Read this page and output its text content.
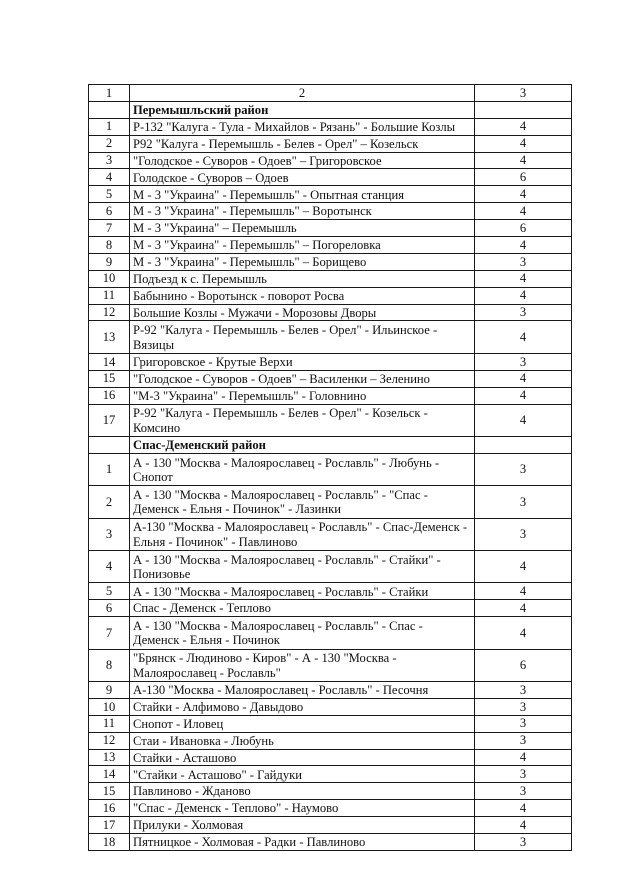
1	2	3
	Перемышльский район	
1	Р-132 "Калуга - Тула - Михайлов - Рязань" - Большие Козлы	4
2	Р92 "Калуга - Перемышль - Белев - Орел" – Козельск	4
3	"Голодское - Суворов - Одоев" – Григоровское	4
4	Голодское - Суворов – Одоев	6
5	М - 3 "Украина" - Перемышль" - Опытная станция	4
6	М - 3 "Украина" - Перемышль" – Воротынск	4
7	М - 3 "Украина" – Перемышль	6
8	М - 3 "Украина" - Перемышль" – Погореловка	4
9	М - 3 "Украина" - Перемышль" – Борищево	3
10	Подъезд к с. Перемышль	4
11	Бабынино - Воротынск - поворот Росва	4
12	Большие Козлы - Мужачи - Морозовы Дворы	3
13	Р-92 "Калуга - Перемышль - Белев - Орел" - Ильинское - Вязицы	4
14	Григоровское - Крутые Верхи	3
15	"Голодское - Суворов - Одоев" – Василенки – Зеленино	4
16	"М-3 "Украина" - Перемышль" - Головнино	4
17	Р-92 "Калуга - Перемышль - Белев - Орел" - Козельск - Комсино	4
	Спас-Деменский район	
1	А - 130 "Москва - Малоярославец - Рославль" - Любунь - Снопот	3
2	А - 130 "Москва - Малоярославец - Рославль" - "Спас - Деменск - Ельня - Починок" - Лазинки	3
3	А-130 "Москва - Малоярославец - Рославль" - Спас-Деменск - Ельня - Починок" - Павлиново	3
4	А - 130 "Москва - Малоярославец - Рославль" - Стайки" - Понизовье	4
5	А - 130 "Москва - Малоярославец - Рославль" - Стайки	4
6	Спас - Деменск - Теплово	4
7	А - 130 "Москва - Малоярославец - Рославль" - Спас - Деменск - Ельня - Починок	4
8	"Брянск - Людиново - Киров" - А - 130 "Москва - Малоярославец - Рославль"	6
9	А-130 "Москва - Малоярославец - Рославль" - Песочня	3
10	Стайки - Алфимово - Давыдово	3
11	Снопот - Иловец	3
12	Стаи - Ивановка - Любунь	3
13	Стайки - Асташово	4
14	"Стайки - Асташово" - Гайдуки	3
15	Павлиново - Жданово	3
16	"Спас - Деменск - Теплово" - Наумово	4
17	Прилуки - Холмовая	4
18	Пятницкое - Холмовая - Радки - Павлиново	3
